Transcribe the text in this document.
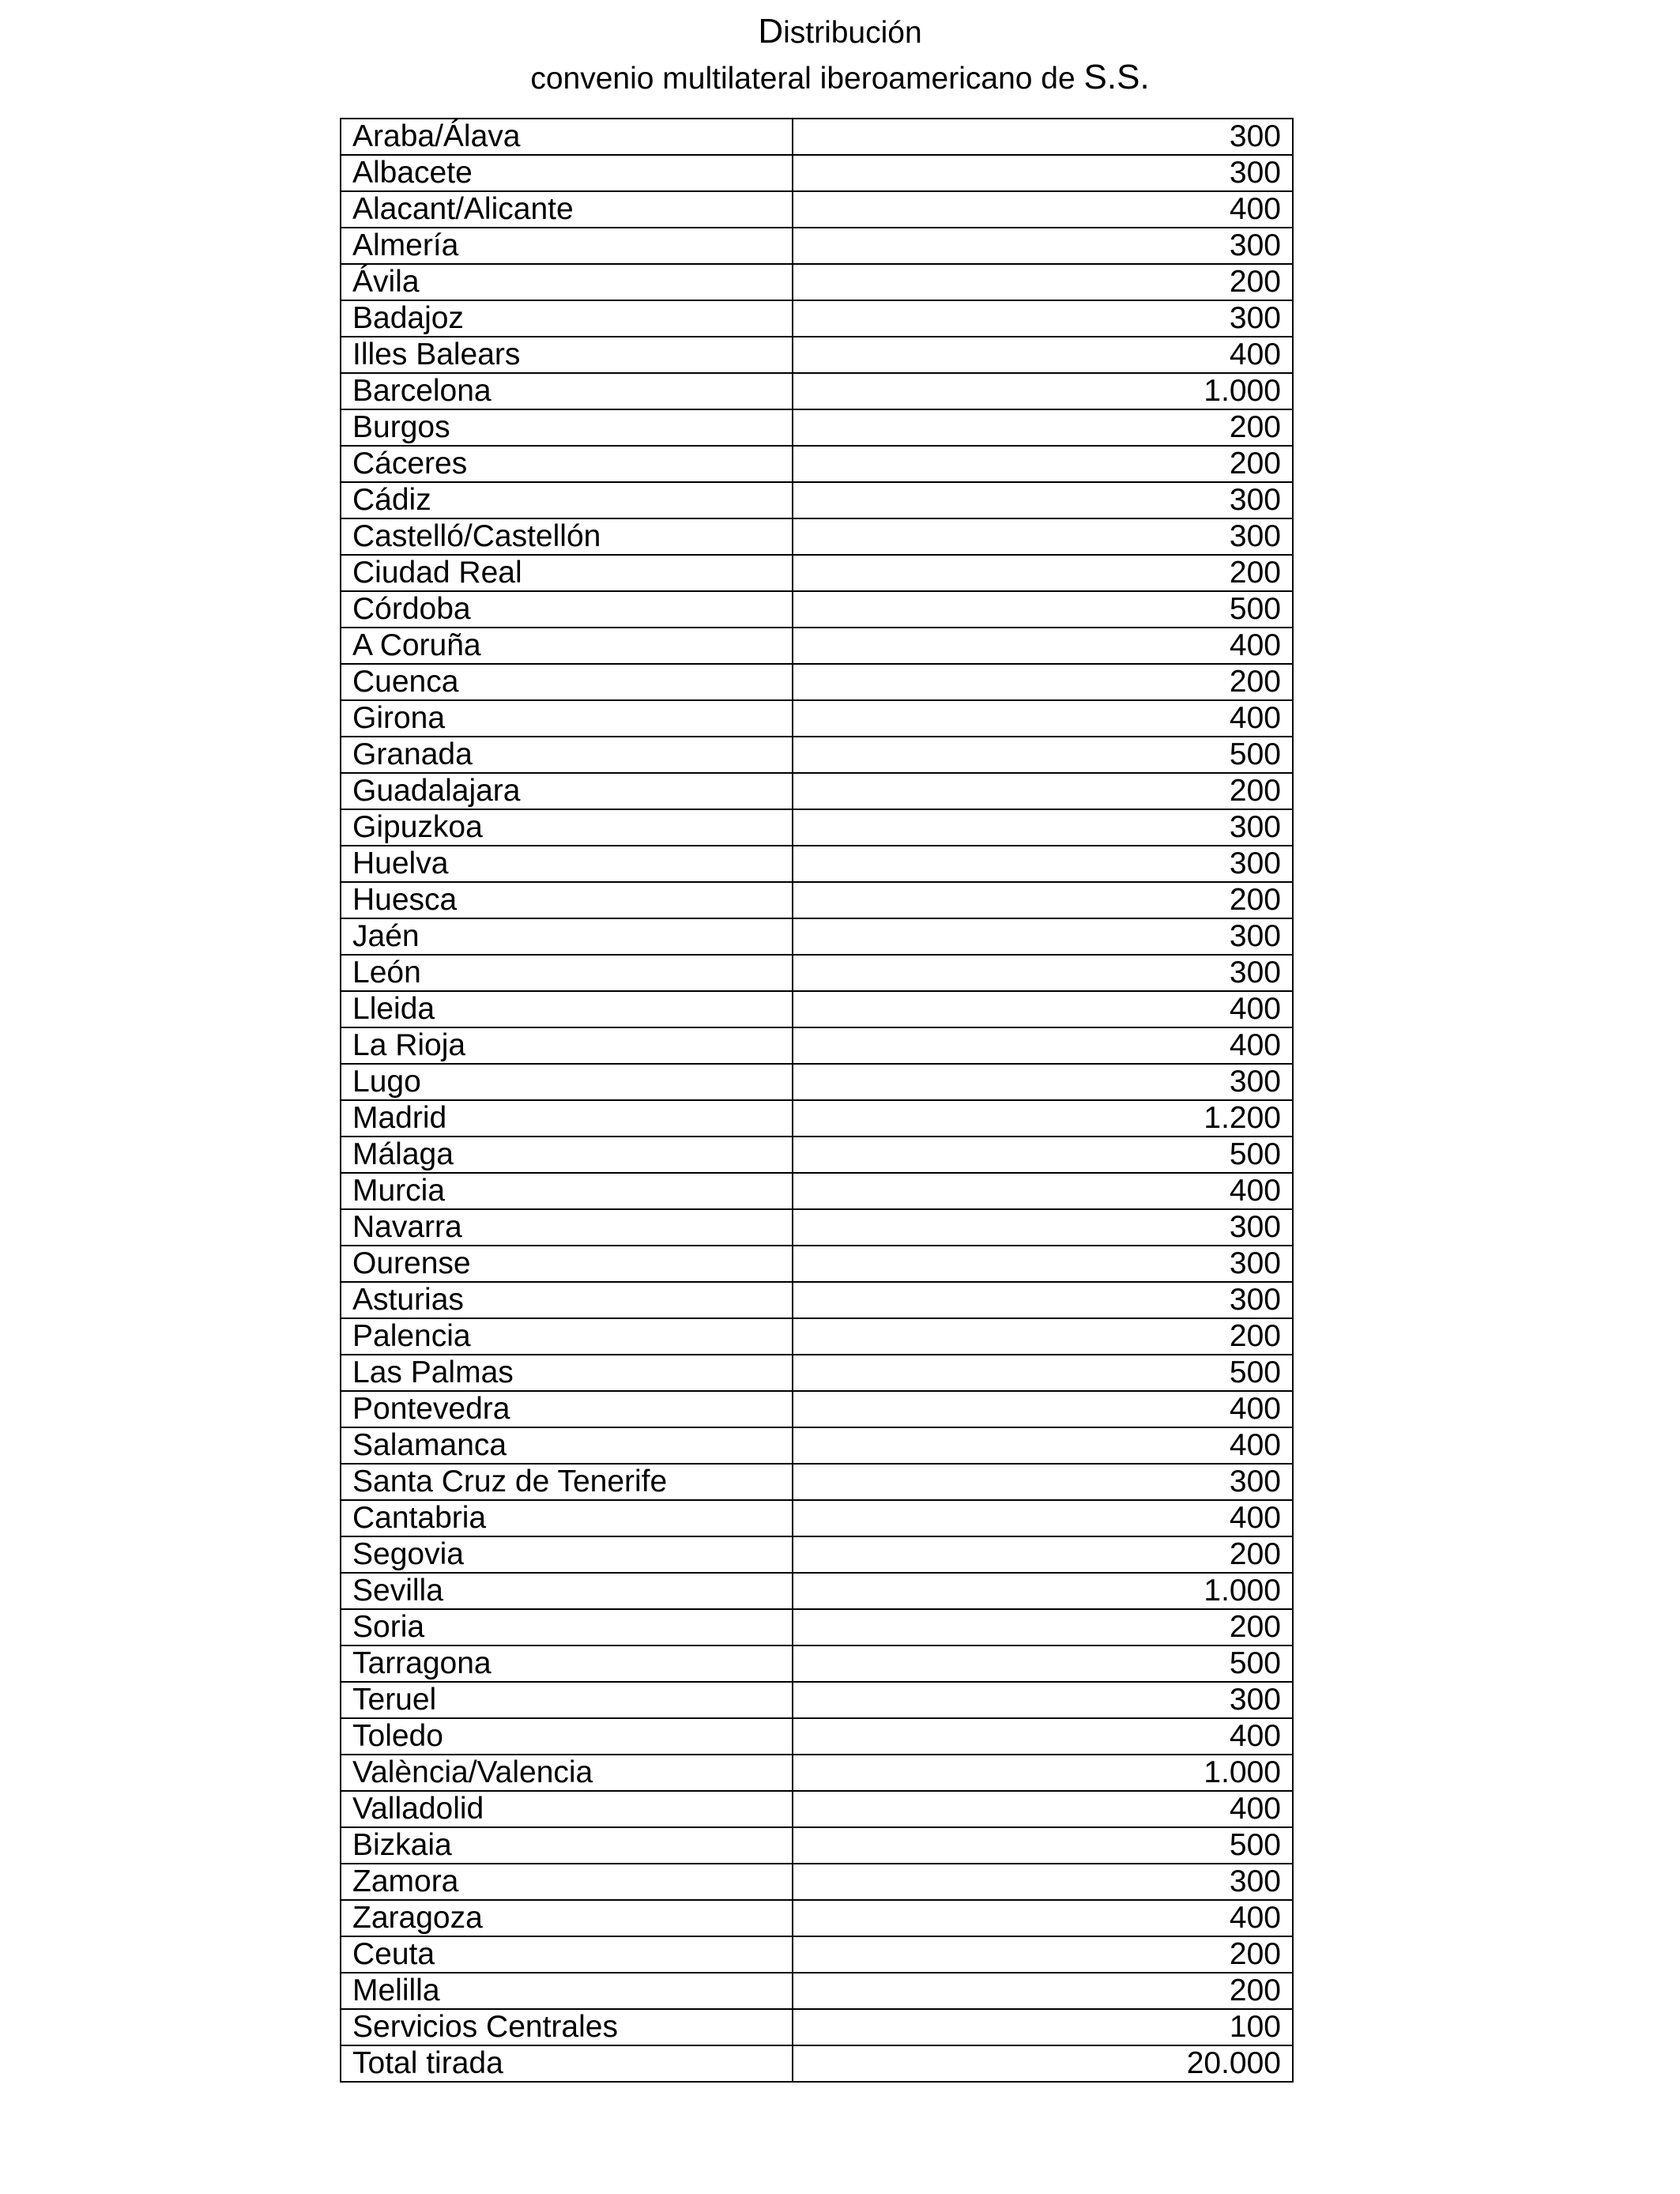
Distribución
convenio multilateral iberoamericano de S.S.
Araba/Álava	300
Albacete	300
Alacant/Alicante	400
Almería	300
Ávila	200
Badajoz	300
Illes Balears	400
Barcelona	1.000
Burgos	200
Cáceres	200
Cádiz	300
Castelló/Castellón	300
Ciudad Real	200
Córdoba	500
A Coruña	400
Cuenca	200
Girona	400
Granada	500
Guadalajara	200
Gipuzkoa	300
Huelva	300
Huesca	200
Jaén	300
León	300
Lleida	400
La Rioja	400
Lugo	300
Madrid	1.200
Málaga	500
Murcia	400
Navarra	300
Ourense	300
Asturias	300
Palencia	200
Las Palmas	500
Pontevedra	400
Salamanca	400
Santa Cruz de Tenerife	300
Cantabria	400
Segovia	200
Sevilla	1.000
Soria	200
Tarragona	500
Teruel	300
Toledo	400
València/Valencia	1.000
Valladolid	400
Bizkaia	500
Zamora	300
Zaragoza	400
Ceuta	200
Melilla	200
Servicios Centrales	100
Total tirada	20.000
